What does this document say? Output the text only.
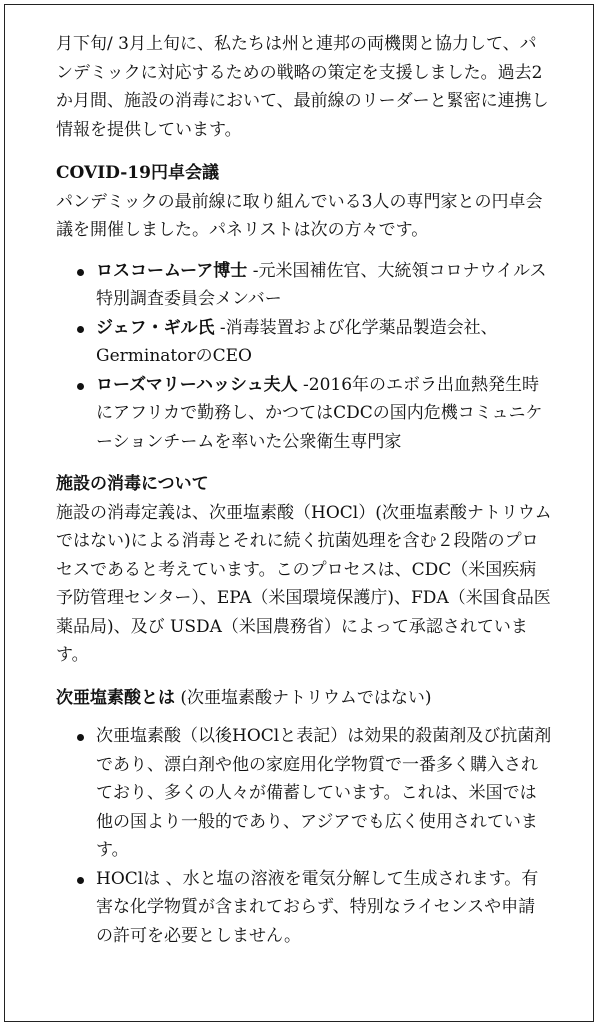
月下旬/ 3月上旬に、私たちは州と連邦の両機関と協力して、パンデミックに対応するための戦略の策定を支援しました。過去2か月間、施設の消毒において、最前線のリーダーと緊密に連携し情報を提供しています。

COVID-19円卓会議

パンデミックの最前線に取り組んでいる3人の専門家との円卓会議を開催しました。パネリストは次の方々です。

ロスコームーア博士 -元米国補佐官、大統領コロナウイルス特別調査委員会メンバー
ジェフ・ギル氏 -消毒装置および化学薬品製造会社、GerminatorのCEO
ローズマリーハッシュ夫人 -2016年のエボラ出血熱発生時にアフリカで勤務し、かつてはCDCの国内危機コミュニケーションチームを率いた公衆衛生専門家

施設の消毒について

施設の消毒定義は、次亜塩素酸（HOCl）(次亜塩素酸ナトリウムではない)による消毒とそれに続く抗菌処理を含む２段階のプロセスであると考えています。このプロセスは、CDC（米国疾病予防管理センター）、EPA（米国環境保護庁)、FDA（米国食品医薬品局)、及び USDA（米国農務省）によって承認されています。

次亜塩素酸とは (次亜塩素酸ナトリウムではない)

次亜塩素酸（以後HOClと表記）は効果的殺菌剤及び抗菌剤であり、漂白剤や他の家庭用化学物質で一番多く購入されており、多くの人々が備蓄しています。これは、米国では他の国より一般的であり、アジアでも広く使用されています。
HOClは 、水と塩の溶液を電気分解して生成されます。有害な化学物質が含まれておらず、特別なライセンスや申請の許可を必要としません。
